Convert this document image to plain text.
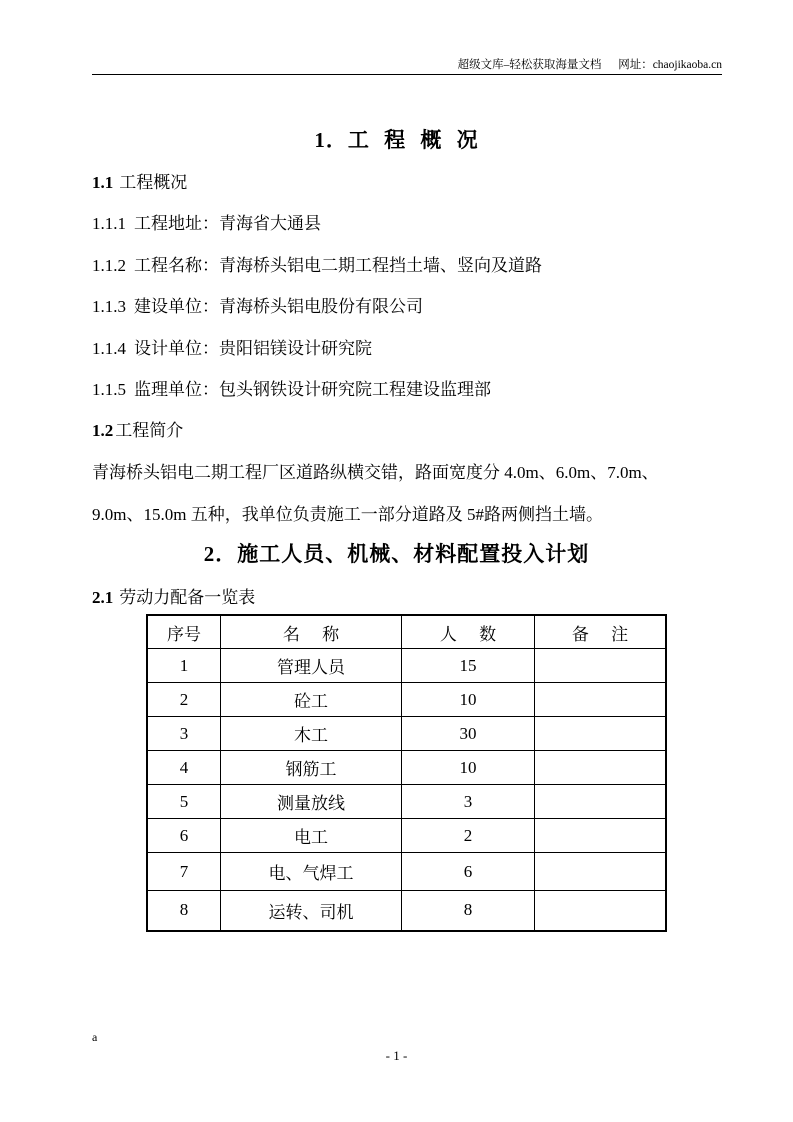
超级文库–轻松获取海量文档 网址：chaojikaoba.cn
1．工 程 概 况
1.1 工程概况
1.1.1 工程地址：青海省大通县
1.1.2 工程名称：青海桥头铝电二期工程挡土墙、竖向及道路
1.1.3 建设单位：青海桥头铝电股份有限公司
1.1.4 设计单位：贵阳铝镁设计研究院
1.1.5 监理单位：包头钢铁设计研究院工程建设监理部
1.2 工程简介
青海桥头铝电二期工程厂区道路纵横交错，路面宽度分 4.0m、6.0m、7.0m、
9.0m、15.0m 五种，我单位负责施工一部分道路及 5#路两侧挡土墙。
2．施工人员、机械、材料配置投入计划
2.1 劳动力配备一览表
序号	名 称	人 数	备 注
1	管理人员	15	
2	砼工	10	
3	木工	30	
4	钢筋工	10	
5	测量放线	3	
6	电工	2	
7	电、气焊工	6	
8	运转、司机	8	
a
- 1 -
